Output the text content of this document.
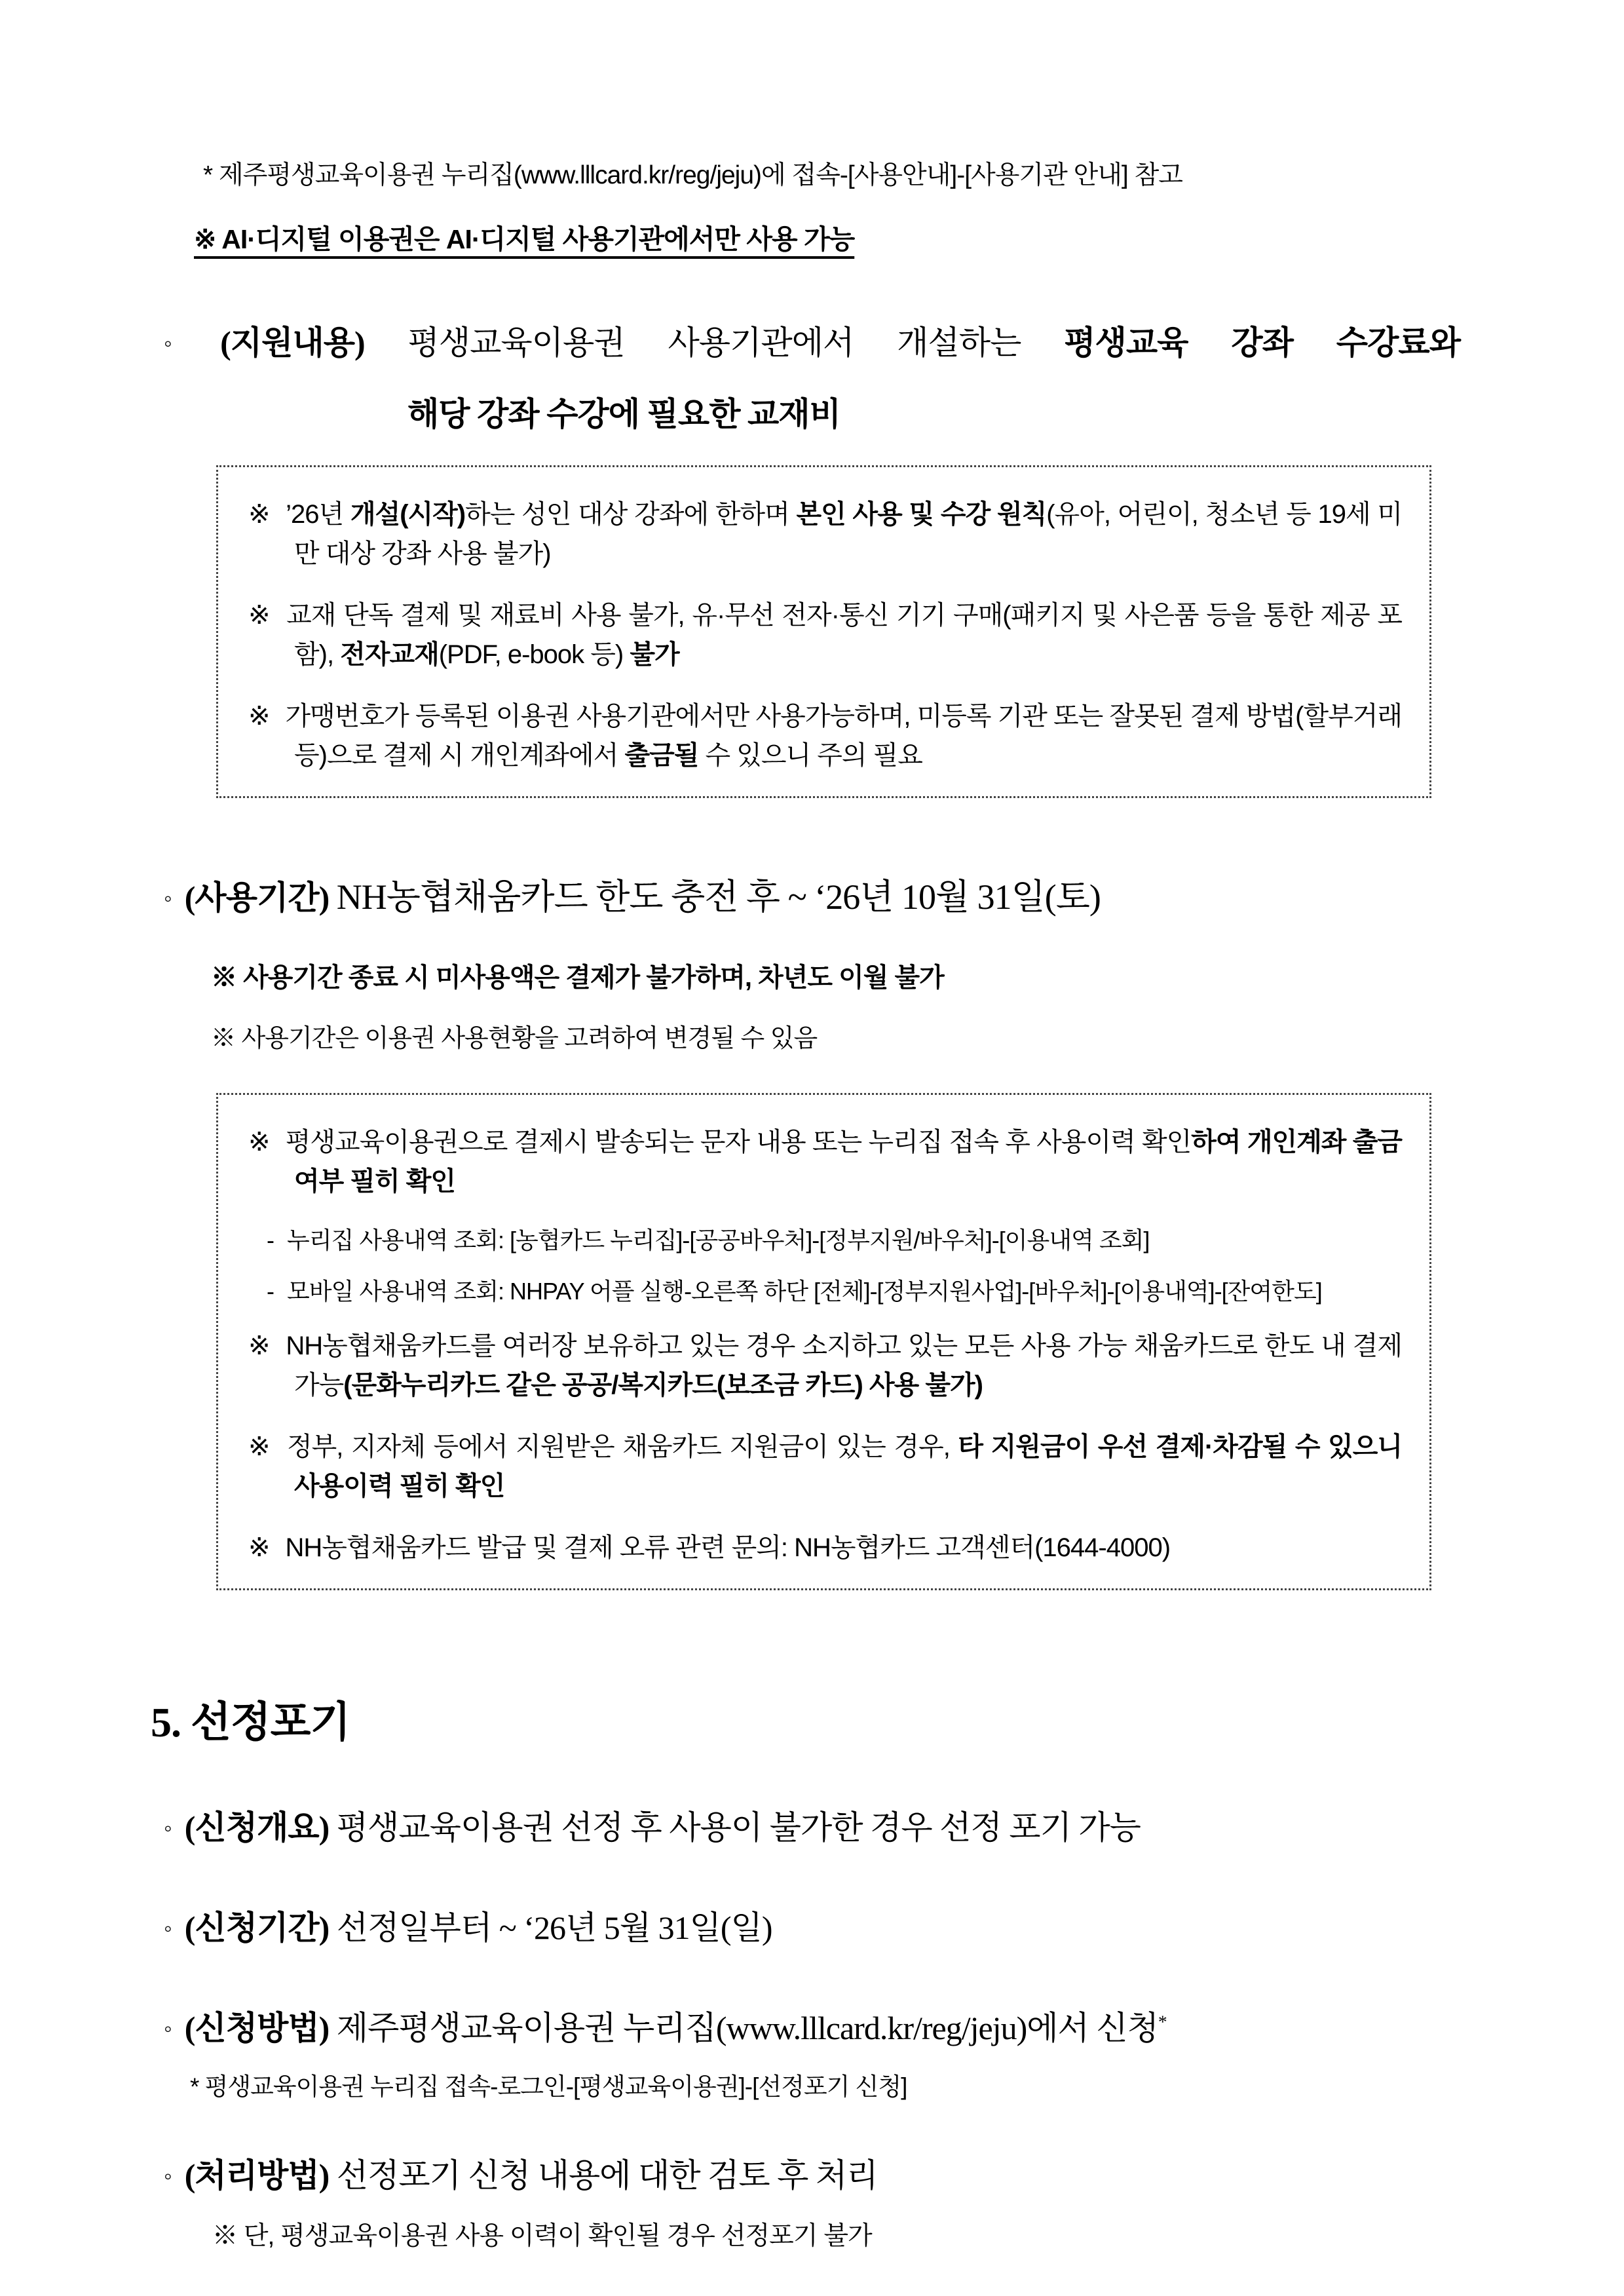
* 제주평생교육이용권 누리집(www.lllcard.kr/reg/jeju)에 접속-[사용안내]-[사용기관 안내] 참고

※ AI·디지털 이용권은 AI·디지털 사용기관에서만 사용 가능

◦ (지원내용) 평생교육이용권 사용기관에서 개설하는 평생교육 강좌 수강료와
해당 강좌 수강에 필요한 교재비

※ ’26년 개설(시작)하는 성인 대상 강좌에 한하며 본인 사용 및 수강 원칙(유아, 어린이, 청소년 등 19세 미만 대상 강좌 사용 불가)

※ 교재 단독 결제 및 재료비 사용 불가, 유·무선 전자·통신 기기 구매(패키지 및 사은품 등을 통한 제공 포함), 전자교재(PDF, e-book 등) 불가

※ 가맹번호가 등록된 이용권 사용기관에서만 사용가능하며, 미등록 기관 또는 잘못된 결제 방법(할부거래 등)으로 결제 시 개인계좌에서 출금될 수 있으니 주의 필요

◦ (사용기간) NH농협채움카드 한도 충전 후 ~ ‘26년 10월 31일(토)

※ 사용기간 종료 시 미사용액은 결제가 불가하며, 차년도 이월 불가

※ 사용기간은 이용권 사용현황을 고려하여 변경될 수 있음

※ 평생교육이용권으로 결제시 발송되는 문자 내용 또는 누리집 접속 후 사용이력 확인하여 개인계좌 출금 여부 필히 확인

- 누리집 사용내역 조회: [농협카드 누리집]-[공공바우처]-[정부지원/바우처]-[이용내역 조회]

- 모바일 사용내역 조회: NHPAY 어플 실행-오른쪽 하단 [전체]-[정부지원사업]-[바우처]-[이용내역]-[잔여한도]

※ NH농협채움카드를 여러장 보유하고 있는 경우 소지하고 있는 모든 사용 가능 채움카드로 한도 내 결제 가능(문화누리카드 같은 공공/복지카드(보조금 카드) 사용 불가)

※ 정부, 지자체 등에서 지원받은 채움카드 지원금이 있는 경우, 타 지원금이 우선 결제·차감될 수 있으니 사용이력 필히 확인

※ NH농협채움카드 발급 및 결제 오류 관련 문의: NH농협카드 고객센터(1644-4000)

5. 선정포기
◦ (신청개요) 평생교육이용권 선정 후 사용이 불가한 경우 선정 포기 가능
◦ (신청기간) 선정일부터 ~ ‘26년 5월 31일(일)
◦ (신청방법) 제주평생교육이용권 누리집(www.lllcard.kr/reg/jeju)에서 신청*

* 평생교육이용권 누리집 접속-로그인-[평생교육이용권]-[선정포기 신청]

◦ (처리방법) 선정포기 신청 내용에 대한 검토 후 처리

※ 단, 평생교육이용권 사용 이력이 확인될 경우 선정포기 불가
